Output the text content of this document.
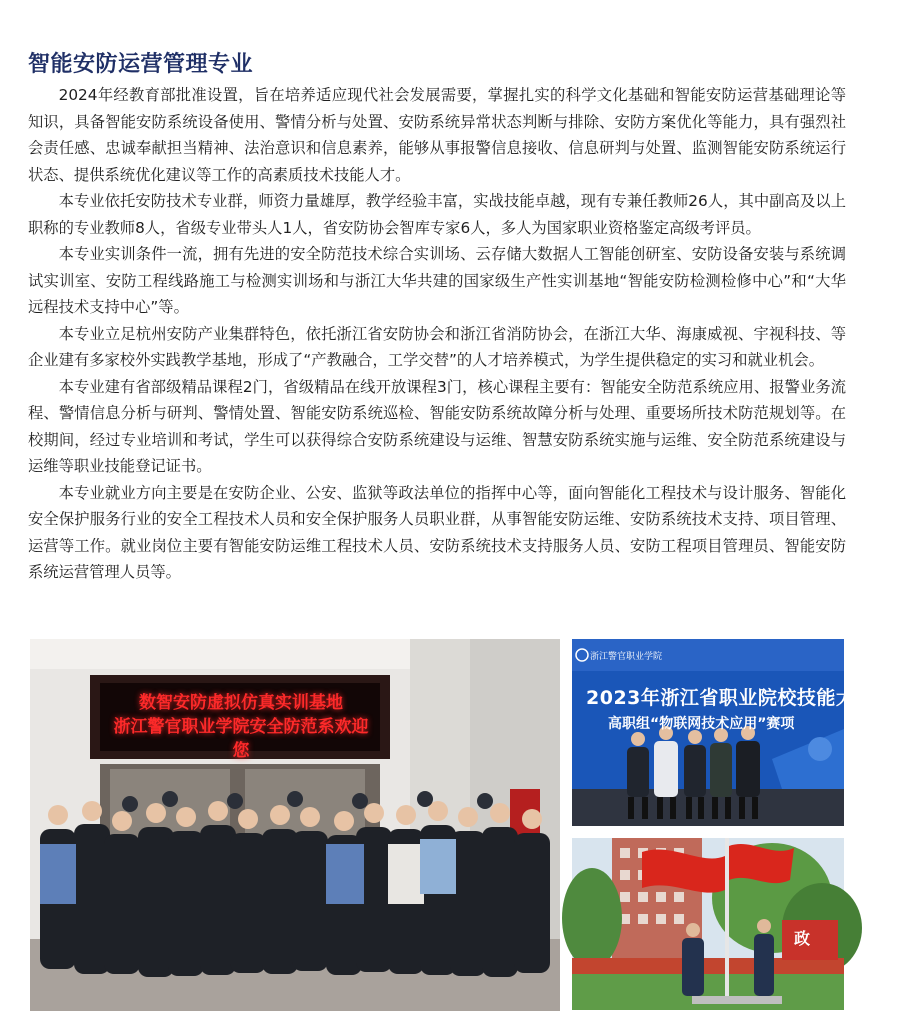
智能安防运营管理专业

2024年经教育部批准设置，旨在培养适应现代社会发展需要，掌握扎实的科学文化基础和智能安防运营基础理论等知识，具备智能安防系统设备使用、警情分析与处置、安防系统异常状态判断与排除、安防方案优化等能力，具有强烈社会责任感、忠诚奉献担当精神、法治意识和信息素养，能够从事报警信息接收、信息研判与处置、监测智能安防系统运行状态、提供系统优化建议等工作的高素质技术技能人才。

本专业依托安防技术专业群，师资力量雄厚，教学经验丰富，实战技能卓越，现有专兼任教师26人，其中副高及以上职称的专业教师8人，省级专业带头人1人，省安防协会智库专家6人，多人为国家职业资格鉴定高级考评员。

本专业实训条件一流，拥有先进的安全防范技术综合实训场、云存储大数据人工智能创研室、安防设备安装与系统调试实训室、安防工程线路施工与检测实训场和与浙江大华共建的国家级生产性实训基地“智能安防检测检修中心”和“大华远程技术支持中心”等。

本专业立足杭州安防产业集群特色，依托浙江省安防协会和浙江省消防协会，在浙江大华、海康威视、宇视科技、等企业建有多家校外实践教学基地，形成了“产教融合，工学交替”的人才培养模式，为学生提供稳定的实习和就业机会。

本专业建有省部级精品课程2门，省级精品在线开放课程3门，核心课程主要有：智能安全防范系统应用、报警业务流程、警情信息分析与研判、警情处置、智能安防系统巡检、智能安防系统故障分析与处理、重要场所技术防范规划等。在校期间，经过专业培训和考试，学生可以获得综合安防系统建设与运维、智慧安防系统实施与运维、安全防范系统建设与运维等职业技能登记证书。

本专业就业方向主要是在安防企业、公安、监狱等政法单位的指挥中心等，面向智能化工程技术与设计服务、智能化安全保护服务行业的安全工程技术人员和安全保护服务人员职业群，从事智能安防运维、安防系统技术支持、项目管理、运营等工作。就业岗位主要有智能安防运维工程技术人员、安防系统技术支持服务人员、安防工程项目管理员、智能安防系统运营管理人员等。

数智安防虚拟仿真实训基地
浙江警官职业学院安全防范系欢迎您
浙江警官职业学院
2023年浙江省职业院校技能大赛
高职组“物联网技术应用”赛项
政
